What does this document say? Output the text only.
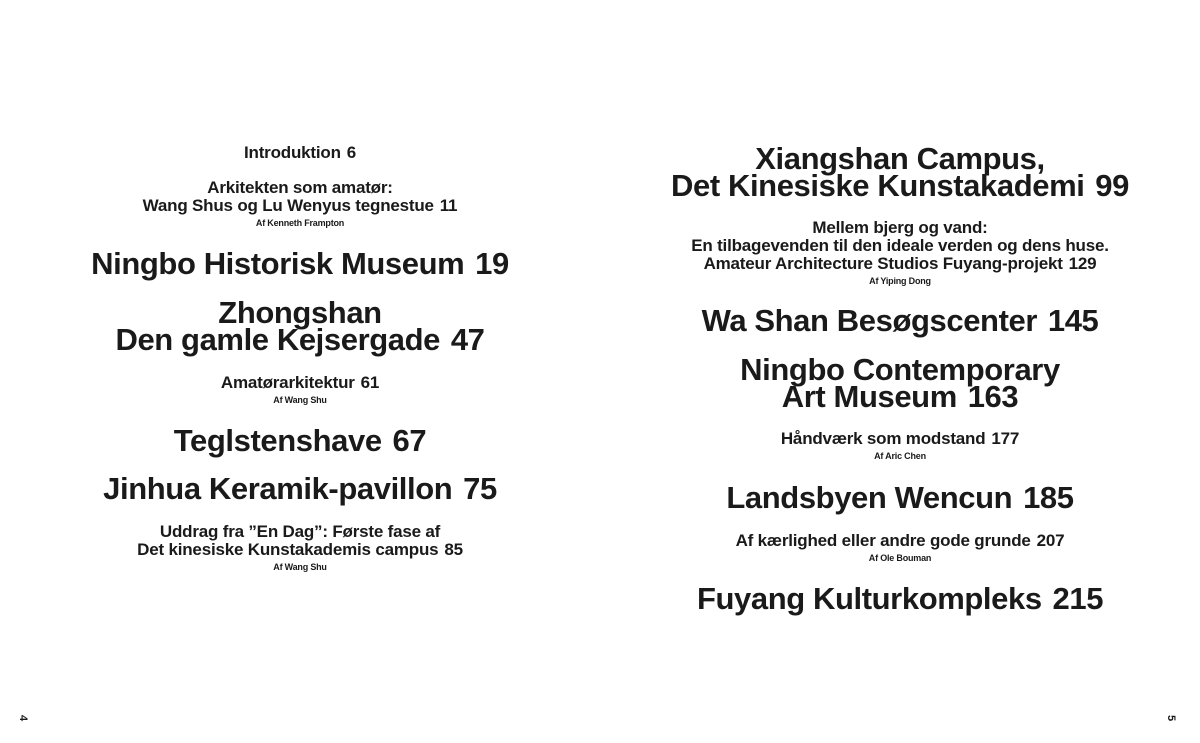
Introduktion 6
Arkitekten som amatør:
Wang Shus og Lu Wenyus tegnestue 11
Af Kenneth Frampton
Ningbo Historisk Museum 19
Zhongshan
Den gamle Kejsergade 47
Amatørarkitektur 61
Af Wang Shu
Teglstenshave 67
Jinhua Keramik-pavillon 75
Uddrag fra ”En Dag”: Første fase af
Det kinesiske Kunstakademis campus 85
Af Wang Shu
Xiangshan Campus,
Det Kinesiske Kunstakademi 99
Mellem bjerg og vand:
En tilbagevenden til den ideale verden og dens huse.
Amateur Architecture Studios Fuyang-projekt 129
Af Yiping Dong
Wa Shan Besøgscenter 145
Ningbo Contemporary
Art Museum 163
Håndværk som modstand 177
Af Aric Chen
Landsbyen Wencun 185
Af kærlighed eller andre gode grunde 207
Af Ole Bouman
Fuyang Kulturkompleks 215
4	5
